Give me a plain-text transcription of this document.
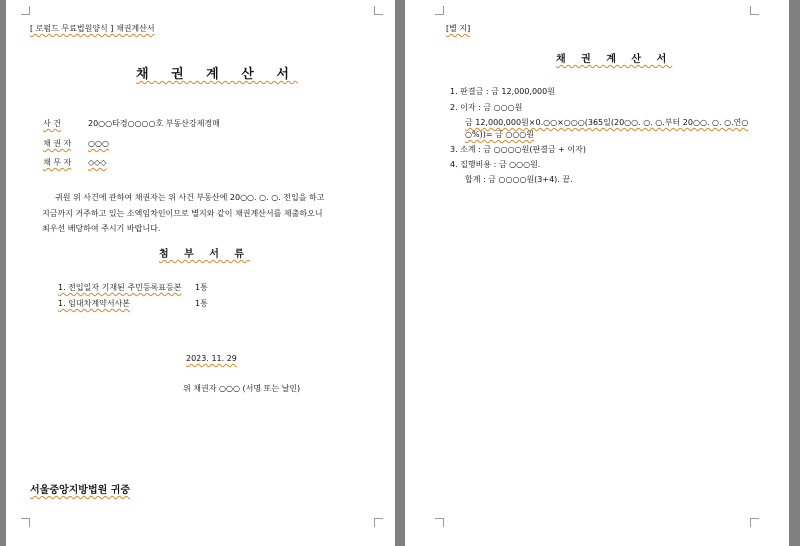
[ 로펌드 무료법원양식 ] 채권계산서
채 권 계 산 서
사 건	20○○타경○○○○호 부동산강제경매
채 권 자 ○○○
채 무 자 ◇◇◇
귀원 위 사건에 관하여 채권자는 위 사건 부동산에 20○○. ○. ○. 전입을 하고
지금까지 거주하고 있는 소액임차인이므로 별지와 같이 채권계산서를 제출하오니
최우선 배당하여 주시기 바랍니다.
첨 부 서 류
1. 전입일자 기재된 주민등록표등본 1통
1. 임대차계약서사본	1통
2023. 11. 29
위 채권자 ○○○ (서명 또는 날인)
서울중앙지방법원 귀중
[별 지]
채 권 계 산 서
1. 판결금 : 금 12,000,000원
2. 이자 : 금 ○○○원
금 12,000,000원×0.○○×○○○(365일(20○○. ○. ○.부터 20○○. ○. ○.연○
○%))= 금 ○○○원
3. 소계 : 금 ○○○○원(판결금 + 이자)
4. 집행비용 : 금 ○○○원.
합계 : 금 ○○○○원(3+4). 끝.
